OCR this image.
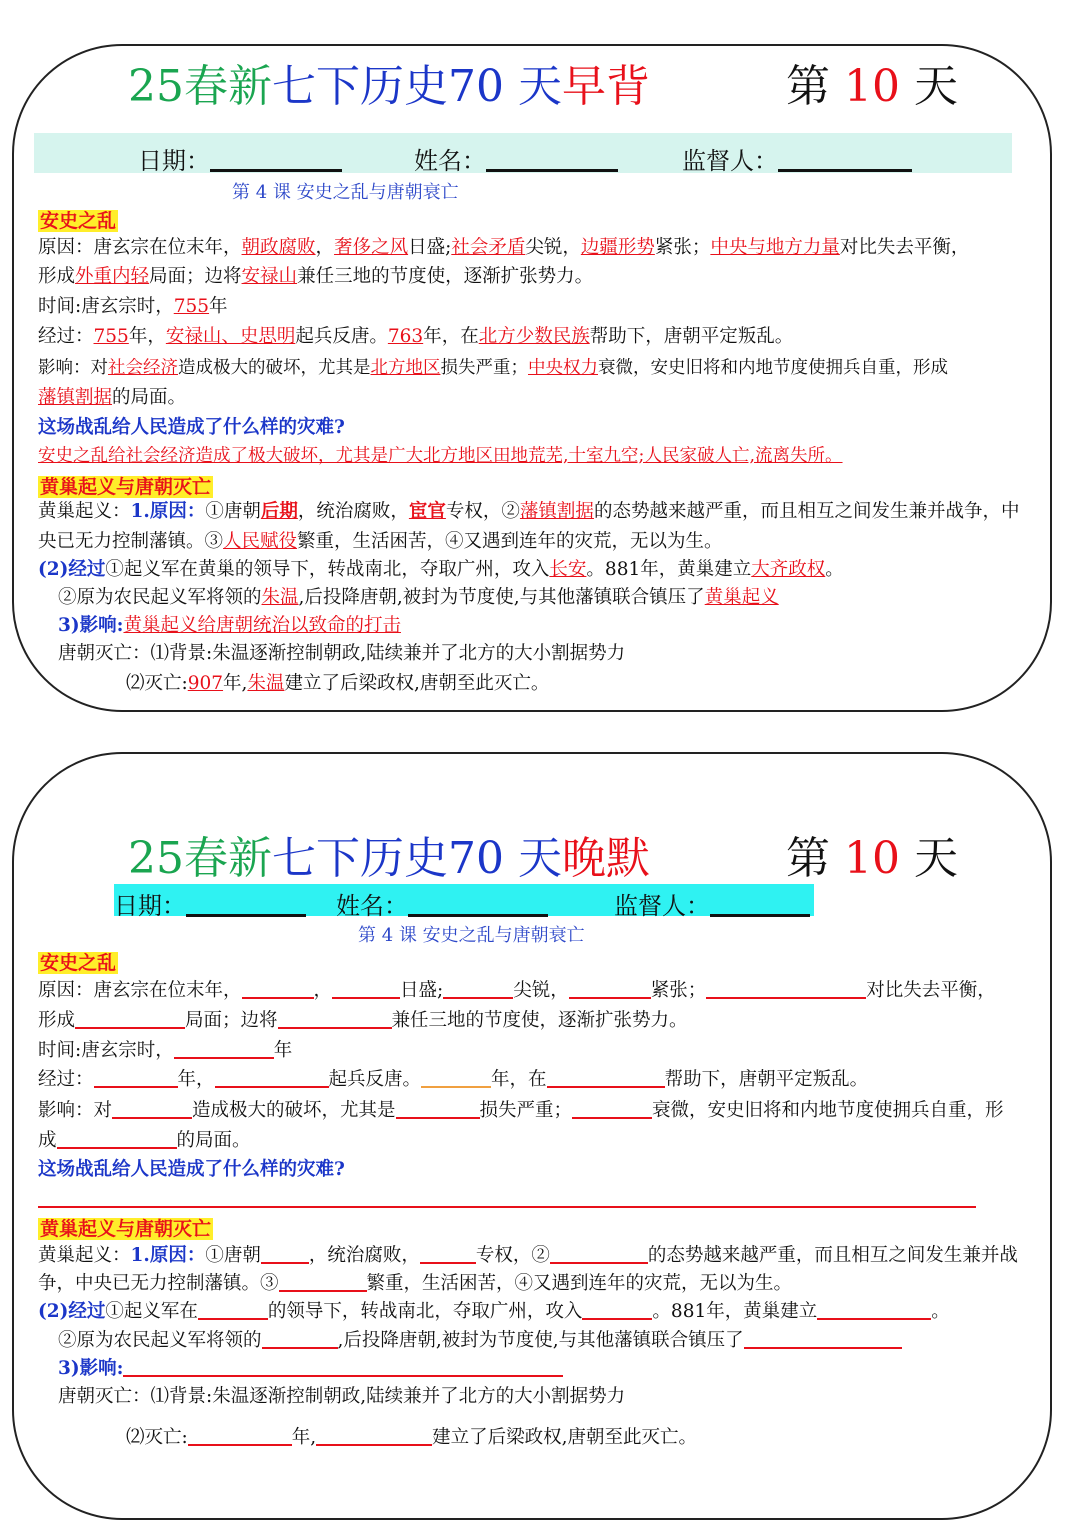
25春新七下历史70 天早背	第 10 天
日期：	姓名：	监督人：
第 4 课 安史之乱与唐朝衰亡
安史之乱
原因：唐玄宗在位末年，朝政腐败，奢侈之风日盛;社会矛盾尖锐，边疆形势紧张；中央与地方力量对比失去平衡，
形成外重内轻局面；边将安禄山兼任三地的节度使，逐渐扩张势力。
时间:唐玄宗时，755年
经过：755年，安禄山、史思明起兵反唐。763年，在北方少数民族帮助下，唐朝平定叛乱。
影响：对社会经济造成极大的破坏，尤其是北方地区损失严重；中央权力衰微，安史旧将和内地节度使拥兵自重，形成
藩镇割据的局面。
这场战乱给人民造成了什么样的灾难?
安史之乱给社会经济造成了极大破坏，尤其是广大北方地区田地荒芜,十室九空;人民家破人亡,流离失所。
黄巢起义与唐朝灭亡
黄巢起义：1.原因：①唐朝后期，统治腐败，宦官专权，②藩镇割据的态势越来越严重，而且相互之间发生兼并战争，中
央已无力控制藩镇。③人民赋役繁重，生活困苦，④又遇到连年的灾荒，无以为生。
(2)经过①起义军在黄巢的领导下，转战南北，夺取广州，攻入长安。881年，黄巢建立大齐政权。
②原为农民起义军将领的朱温,后投降唐朝,被封为节度使,与其他藩镇联合镇压了黄巢起义
3)影响:黄巢起义给唐朝统治以致命的打击
唐朝灭亡：⑴背景:朱温逐渐控制朝政,陆续兼并了北方的大小割据势力
⑵灭亡:907年,朱温建立了后梁政权,唐朝至此灭亡。
25春新七下历史70 天晚默	第 10 天
日期：	姓名：	监督人：
第 4 课 安史之乱与唐朝衰亡
安史之乱
原因：唐玄宗在位末年，	，	日盛;	尖锐，	紧张；	对比失去平衡，
形成	局面；边将	兼任三地的节度使，逐渐扩张势力。
时间:唐玄宗时，	年
经过：	年，	起兵反唐。	年，在	帮助下，唐朝平定叛乱。
影响：对	造成极大的破坏，尤其是	损失严重；	衰微，安史旧将和内地节度使拥兵自重，形
成	的局面。
这场战乱给人民造成了什么样的灾难?
黄巢起义与唐朝灭亡
黄巢起义：1.原因：①唐朝	，统治腐败，	专权，②	的态势越来越严重，而且相互之间发生兼并战
争，中央已无力控制藩镇。③	繁重，生活困苦，④又遇到连年的灾荒，无以为生。
(2)经过①起义军在	的领导下，转战南北，夺取广州，攻入	。881年，黄巢建立	。
②原为农民起义军将领的	,后投降唐朝,被封为节度使,与其他藩镇联合镇压了
3)影响:
唐朝灭亡：⑴背景:朱温逐渐控制朝政,陆续兼并了北方的大小割据势力
⑵灭亡:	年,	建立了后梁政权,唐朝至此灭亡。
